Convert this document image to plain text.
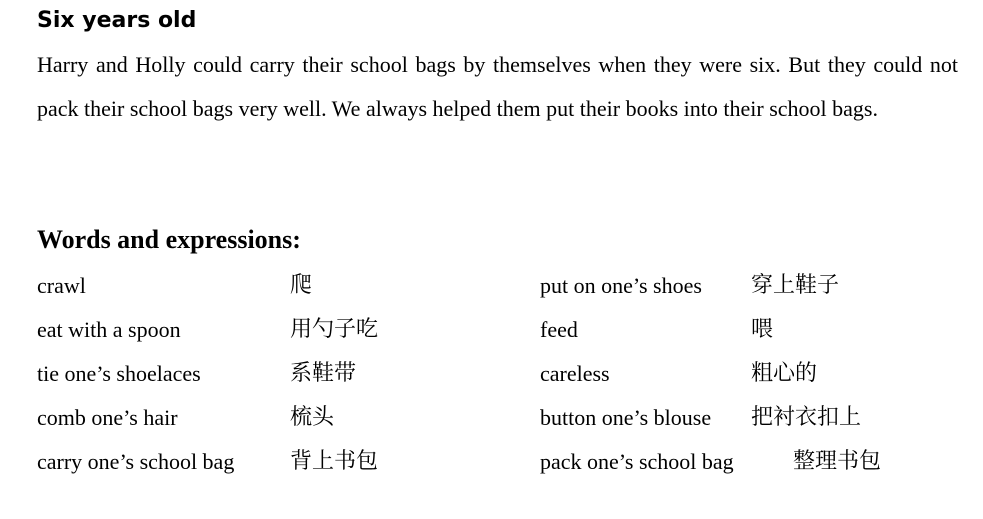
Six years old

Harry and Holly could carry their school bags by themselves when they were six. But they could not pack their school bags very well. We always helped them put their books into their school bags.

Words and expressions:
crawl	爬	put on one’s shoes 穿上鞋子
eat with a spoon	用勺子吃	feed	喂
tie one’s shoelaces	系鞋带	careless	粗心的
comb one’s hair	梳头	button one’s blouse 把衬衣扣上
carry one’s school bag	背上书包	pack one’s school bag	整理书包
